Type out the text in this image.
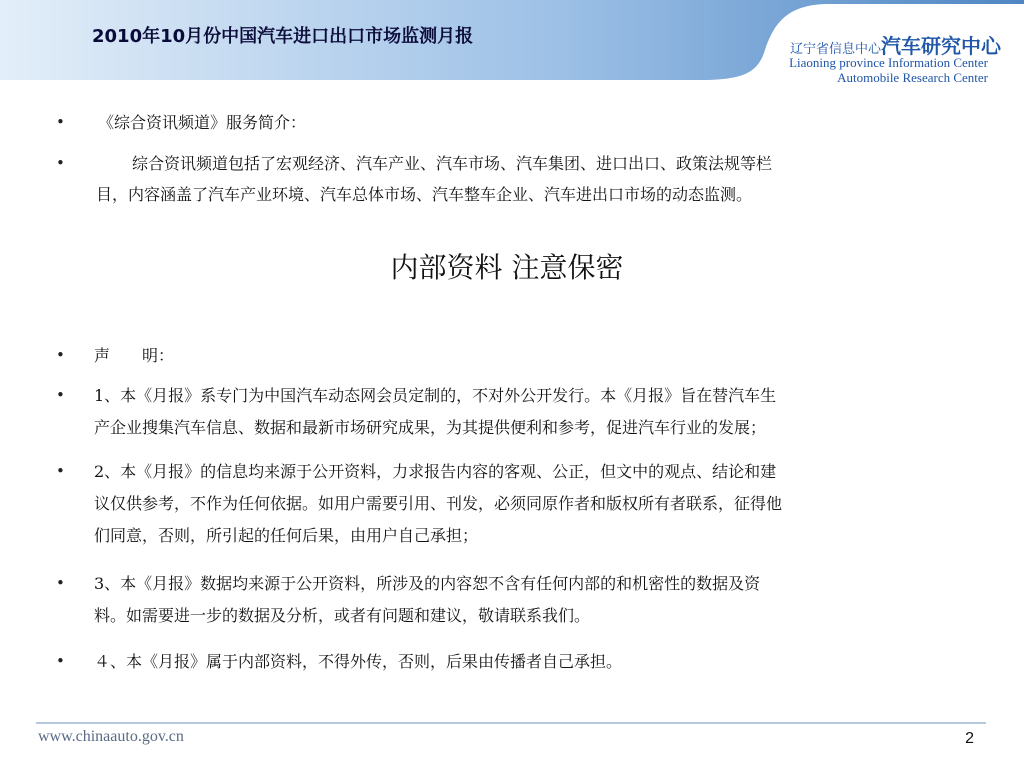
2010年10月份中国汽车进口出口市场监测月报
辽宁省信息中心汽车研究中心
Liaoning province Information Center
Automobile Research Center
• 《综合资讯频道》服务简介：
•	综合资讯频道包括了宏观经济、汽车产业、汽车市场、汽车集团、进口出口、政策法规等栏
目，内容涵盖了汽车产业环境、汽车总体市场、汽车整车企业、汽车进出口市场的动态监测。
内部资料 注意保密
• 声　　明：
• 1、本《月报》系专门为中国汽车动态网会员定制的，不对外公开发行。本《月报》旨在替汽车生
产企业搜集汽车信息、数据和最新市场研究成果，为其提供便利和参考，促进汽车行业的发展；
• 2、本《月报》的信息均来源于公开资料，力求报告内容的客观、公正，但文中的观点、结论和建
议仅供参考，不作为任何依据。如用户需要引用、刊发，必须同原作者和版权所有者联系，征得他
们同意，否则，所引起的任何后果，由用户自己承担；
• 3、本《月报》数据均来源于公开资料，所涉及的内容恕不含有任何内部的和机密性的数据及资
料。如需要进一步的数据及分析，或者有问题和建议，敬请联系我们。
• ４、本《月报》属于内部资料，不得外传，否则，后果由传播者自己承担。
www.chinaauto.gov.cn	2
